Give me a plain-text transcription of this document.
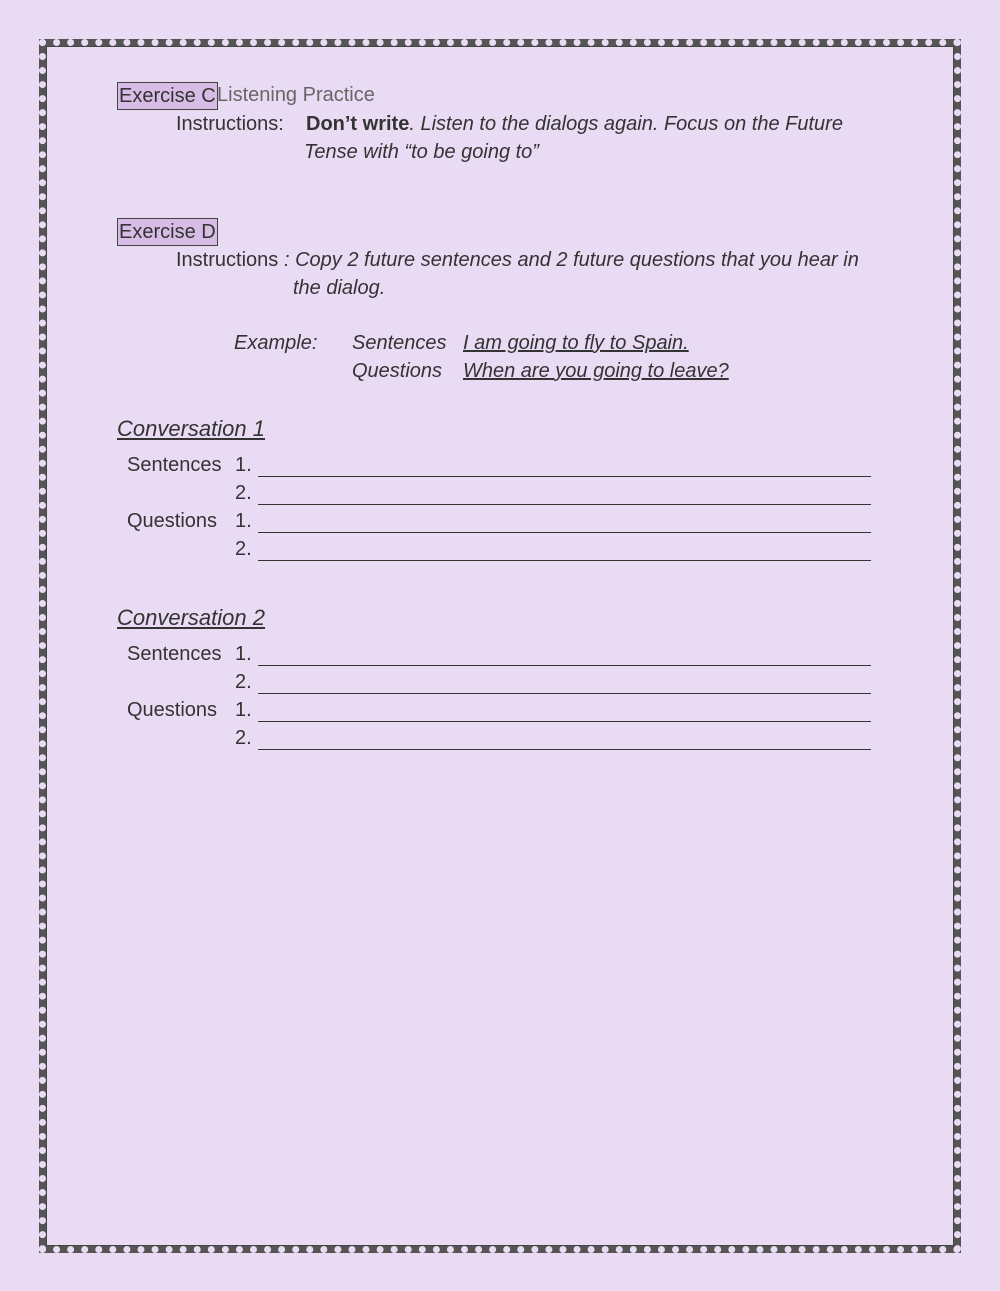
Exercise C Listening Practice
Instructions: Don’t write. Listen to the dialogs again. Focus on the Future
Tense with “to be going to”
Exercise D
Instructions : Copy 2 future sentences and 2 future questions that you hear in
the dialog.
Example: Sentences I am going to fly to Spain.
Questions When are you going to leave?
Conversation 1
Sentences 1.
2.
Questions 1.
2.
Conversation 2
Sentences 1.
2.
Questions 1.
2.
